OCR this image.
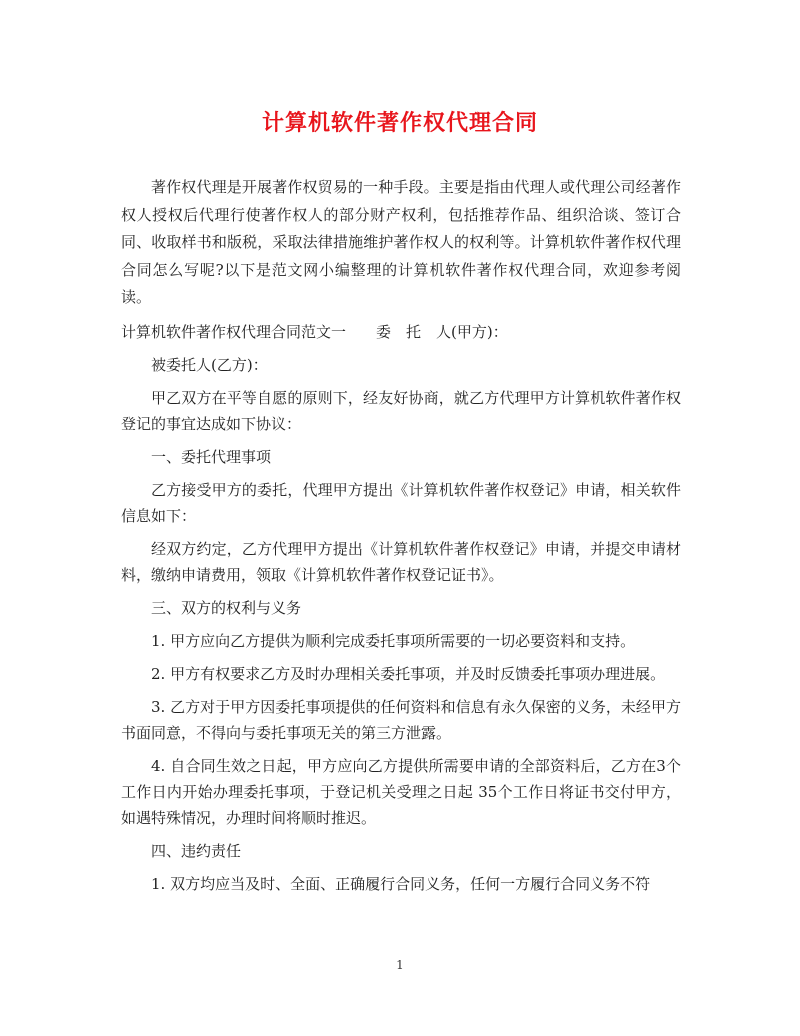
计算机软件著作权代理合同

著作权代理是开展著作权贸易的一种手段。主要是指由代理人或代理公司经著作权人授权后代理行使著作权人的部分财产权利，包括推荐作品、组织洽谈、签订合同、收取样书和版税，采取法律措施维护著作权人的权利等。计算机软件著作权代理合同怎么写呢?以下是范文网小编整理的计算机软件著作权代理合同，欢迎参考阅读。

计算机软件著作权代理合同范文一　　委　托　人(甲方)：

被委托人(乙方)：

甲乙双方在平等自愿的原则下，经友好协商，就乙方代理甲方计算机软件著作权登记的事宜达成如下协议：

一、委托代理事项

乙方接受甲方的委托，代理甲方提出《计算机软件著作权登记》申请，相关软件信息如下：

经双方约定，乙方代理甲方提出《计算机软件著作权登记》申请，并提交申请材料，缴纳申请费用，领取《计算机软件著作权登记证书》。

三、双方的权利与义务

1. 甲方应向乙方提供为顺利完成委托事项所需要的一切必要资料和支持。

2. 甲方有权要求乙方及时办理相关委托事项，并及时反馈委托事项办理进展。

3. 乙方对于甲方因委托事项提供的任何资料和信息有永久保密的义务，未经甲方书面同意，不得向与委托事项无关的第三方泄露。

4. 自合同生效之日起，甲方应向乙方提供所需要申请的全部资料后，乙方在3个工作日内开始办理委托事项，于登记机关受理之日起 35个工作日将证书交付甲方，如遇特殊情况，办理时间将顺时推迟。

四、违约责任

1. 双方均应当及时、全面、正确履行合同义务，任何一方履行合同义务不符

1
